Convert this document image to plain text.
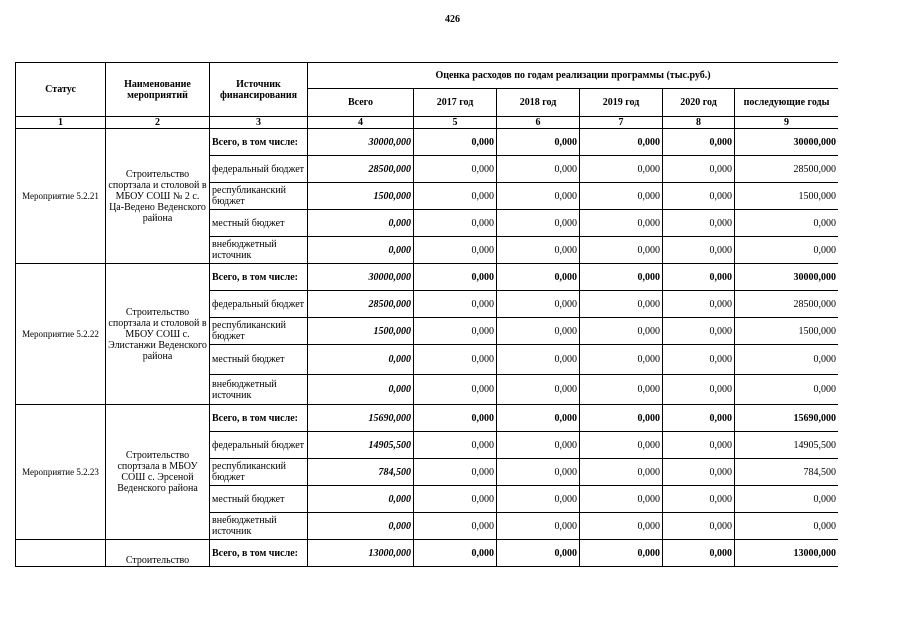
426
Статус	Наименование мероприятий	Источник финансирования	Оценка расходов по годам реализации программы (тыс.руб.)					
			Всего	2017 год	2018 год	2019 год	2020 год	последующие годы
1	2	3	4	5	6	7	8	9
Мероприятие 5.2.21	Строительство спортзала и столовой в МБОУ СОШ № 2 с. Ца-Ведено Веденского района	Всего, в том числе:	30000,000	0,000	0,000	0,000	0,000	30000,000
		федеральный бюджет	28500,000	0,000	0,000	0,000	0,000	28500,000
		республиканский бюджет	1500,000	0,000	0,000	0,000	0,000	1500,000
		местный бюджет	0,000	0,000	0,000	0,000	0,000	0,000
		внебюджетный источник	0,000	0,000	0,000	0,000	0,000	0,000
Мероприятие 5.2.22	Строительство спортзала и столовой в МБОУ СОШ с. Элистанжи Веденского района	Всего, в том числе:	30000,000	0,000	0,000	0,000	0,000	30000,000
		федеральный бюджет	28500,000	0,000	0,000	0,000	0,000	28500,000
		республиканский бюджет	1500,000	0,000	0,000	0,000	0,000	1500,000
		местный бюджет	0,000	0,000	0,000	0,000	0,000	0,000
		внебюджетный источник	0,000	0,000	0,000	0,000	0,000	0,000
Мероприятие 5.2.23	Строительство спортзала в МБОУ СОШ с. Эрсеной Веденского района	Всего, в том числе:	15690,000	0,000	0,000	0,000	0,000	15690,000
		федеральный бюджет	14905,500	0,000	0,000	0,000	0,000	14905,500
		республиканский бюджет	784,500	0,000	0,000	0,000	0,000	784,500
		местный бюджет	0,000	0,000	0,000	0,000	0,000	0,000
		внебюджетный источник	0,000	0,000	0,000	0,000	0,000	0,000
	Строительство	Всего, в том числе:	13000,000	0,000	0,000	0,000	0,000	13000,000
